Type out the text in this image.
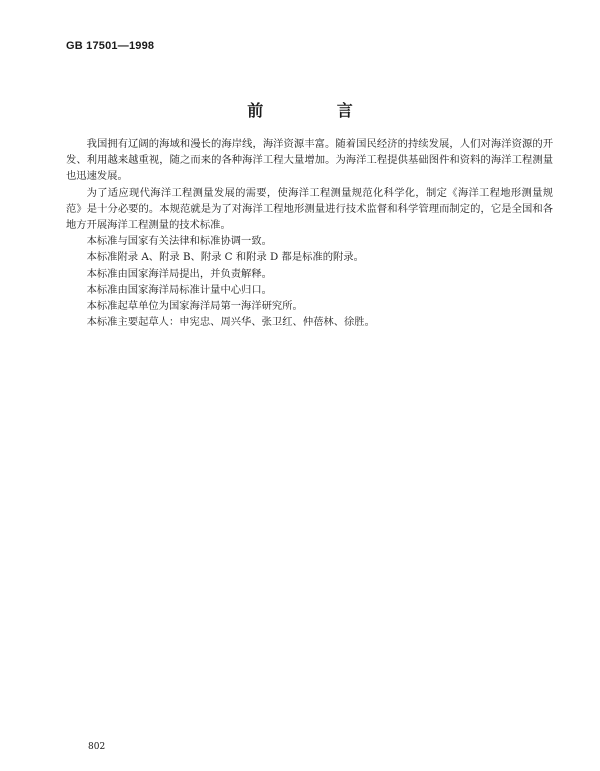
GB 17501—1998
前 言

我国拥有辽阔的海域和漫长的海岸线，海洋资源丰富。随着国民经济的持续发展，人们对海洋资源的开发、利用越来越重视，随之而来的各种海洋工程大量增加。为海洋工程提供基础图件和资料的海洋工程测量也迅速发展。

为了适应现代海洋工程测量发展的需要，使海洋工程测量规范化科学化，制定《海洋工程地形测量规范》是十分必要的。本规范就是为了对海洋工程地形测量进行技术监督和科学管理而制定的，它是全国和各地方开展海洋工程测量的技术标准。

本标准与国家有关法律和标准协调一致。

本标准附录 A、附录 B、附录 C 和附录 D 都是标准的附录。

本标准由国家海洋局提出，并负责解释。

本标准由国家海洋局标准计量中心归口。

本标准起草单位为国家海洋局第一海洋研究所。

本标准主要起草人：申宪忠、周兴华、张卫红、仲蓓林、徐胜。

802
